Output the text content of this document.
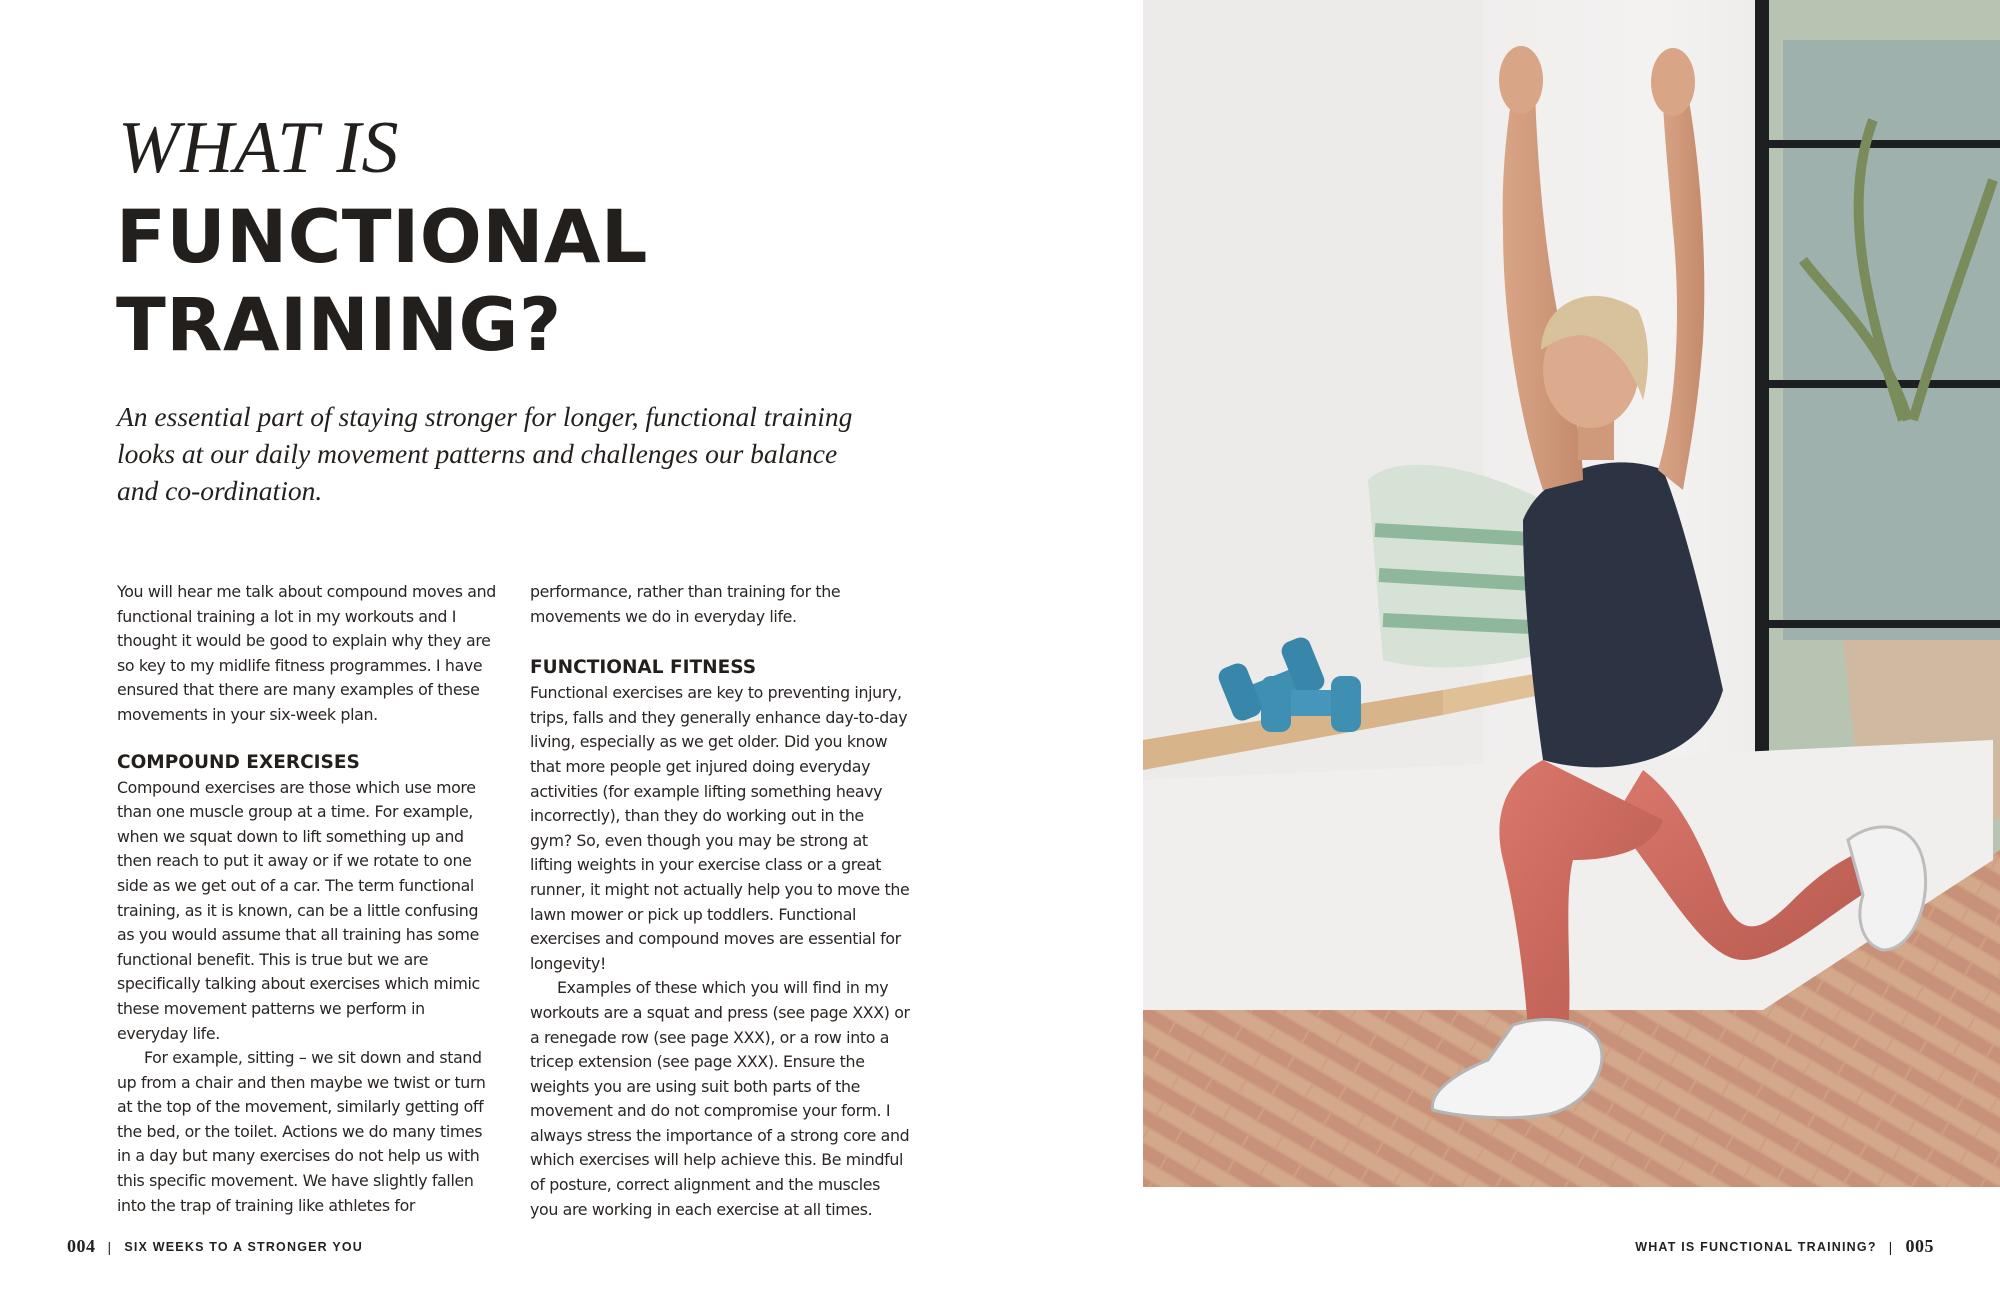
WHAT IS
FUNCTIONAL
TRAINING?

An essential part of staying stronger for longer, functional training looks at our daily movement patterns and challenges our balance and co-ordination.

You will hear me talk about compound moves and functional training a lot in my workouts and I thought it would be good to explain why they are so key to my midlife fitness programmes. I have ensured that there are many examples of these movements in your six-week plan.

COMPOUND EXERCISES

Compound exercises are those which use more than one muscle group at a time. For example, when we squat down to lift something up and then reach to put it away or if we rotate to one side as we get out of a car. The term functional training, as it is known, can be a little confusing as you would assume that all training has some functional benefit. This is true but we are specifically talking about exercises which mimic these movement patterns we perform in everyday life.

For example, sitting – we sit down and stand up from a chair and then maybe we twist or turn at the top of the movement, similarly getting off the bed, or the toilet. Actions we do many times in a day but many exercises do not help us with this specific movement. We have slightly fallen into the trap of training like athletes for

performance, rather than training for the movements we do in everyday life.

FUNCTIONAL FITNESS

Functional exercises are key to preventing injury, trips, falls and they generally enhance day-to-day living, especially as we get older. Did you know that more people get injured doing everyday activities (for example lifting something heavy incorrectly), than they do working out in the gym? So, even though you may be strong at lifting weights in your exercise class or a great runner, it might not actually help you to move the lawn mower or pick up toddlers. Functional exercises and compound moves are essential for longevity!

Examples of these which you will find in my workouts are a squat and press (see page XXX) or a renegade row (see page XXX), or a row into a tricep extension (see page XXX). Ensure the weights you are using suit both parts of the movement and do not compromise your form. I always stress the importance of a strong core and which exercises will help achieve this. Be mindful of posture, correct alignment and the muscles you are working in each exercise at all times.

004 | SIX WEEKS TO A STRONGER YOU	WHAT IS FUNCTIONAL TRAINING? | 005
